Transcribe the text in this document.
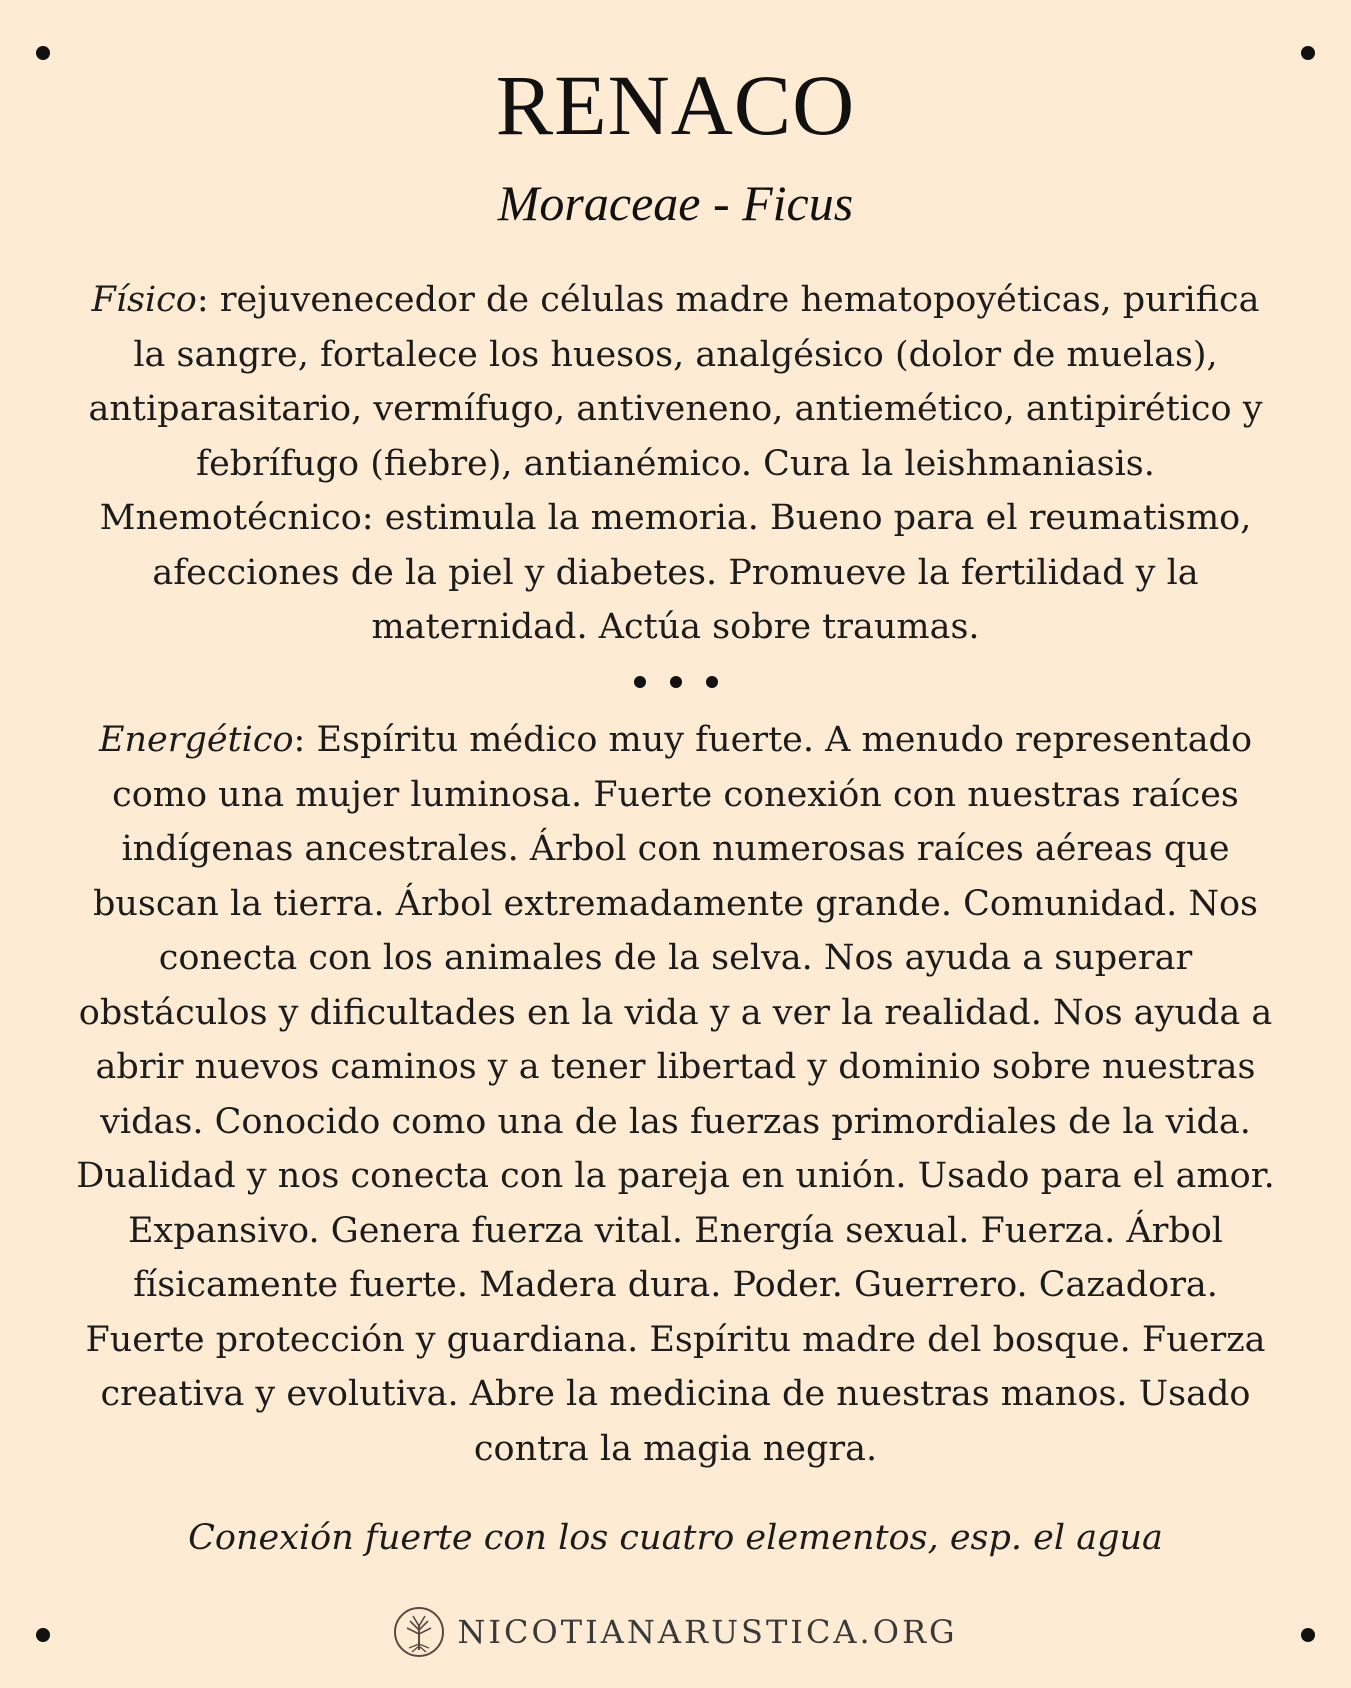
RENACO
Moraceae - Ficus

Físico: rejuvenecedor de células madre hematopoyéticas, purifica la sangre, fortalece los huesos, analgésico (dolor de muelas), antiparasitario, vermífugo, antiveneno, antiemético, antipirético y febrífugo (fiebre), antianémico. Cura la leishmaniasis. Mnemotécnico: estimula la memoria. Bueno para el reumatismo, afecciones de la piel y diabetes. Promueve la fertilidad y la maternidad. Actúa sobre traumas.

Energético: Espíritu médico muy fuerte. A menudo representado como una mujer luminosa. Fuerte conexión con nuestras raíces indígenas ancestrales. Árbol con numerosas raíces aéreas que buscan la tierra. Árbol extremadamente grande. Comunidad. Nos conecta con los animales de la selva. Nos ayuda a superar obstáculos y dificultades en la vida y a ver la realidad. Nos ayuda a abrir nuevos caminos y a tener libertad y dominio sobre nuestras vidas. Conocido como una de las fuerzas primordiales de la vida. Dualidad y nos conecta con la pareja en unión. Usado para el amor. Expansivo. Genera fuerza vital. Energía sexual. Fuerza. Árbol físicamente fuerte. Madera dura. Poder. Guerrero. Cazadora. Fuerte protección y guardiana. Espíritu madre del bosque. Fuerza creativa y evolutiva. Abre la medicina de nuestras manos. Usado contra la magia negra.

Conexión fuerte con los cuatro elementos, esp. el agua
NICOTIANARUSTICA.ORG
